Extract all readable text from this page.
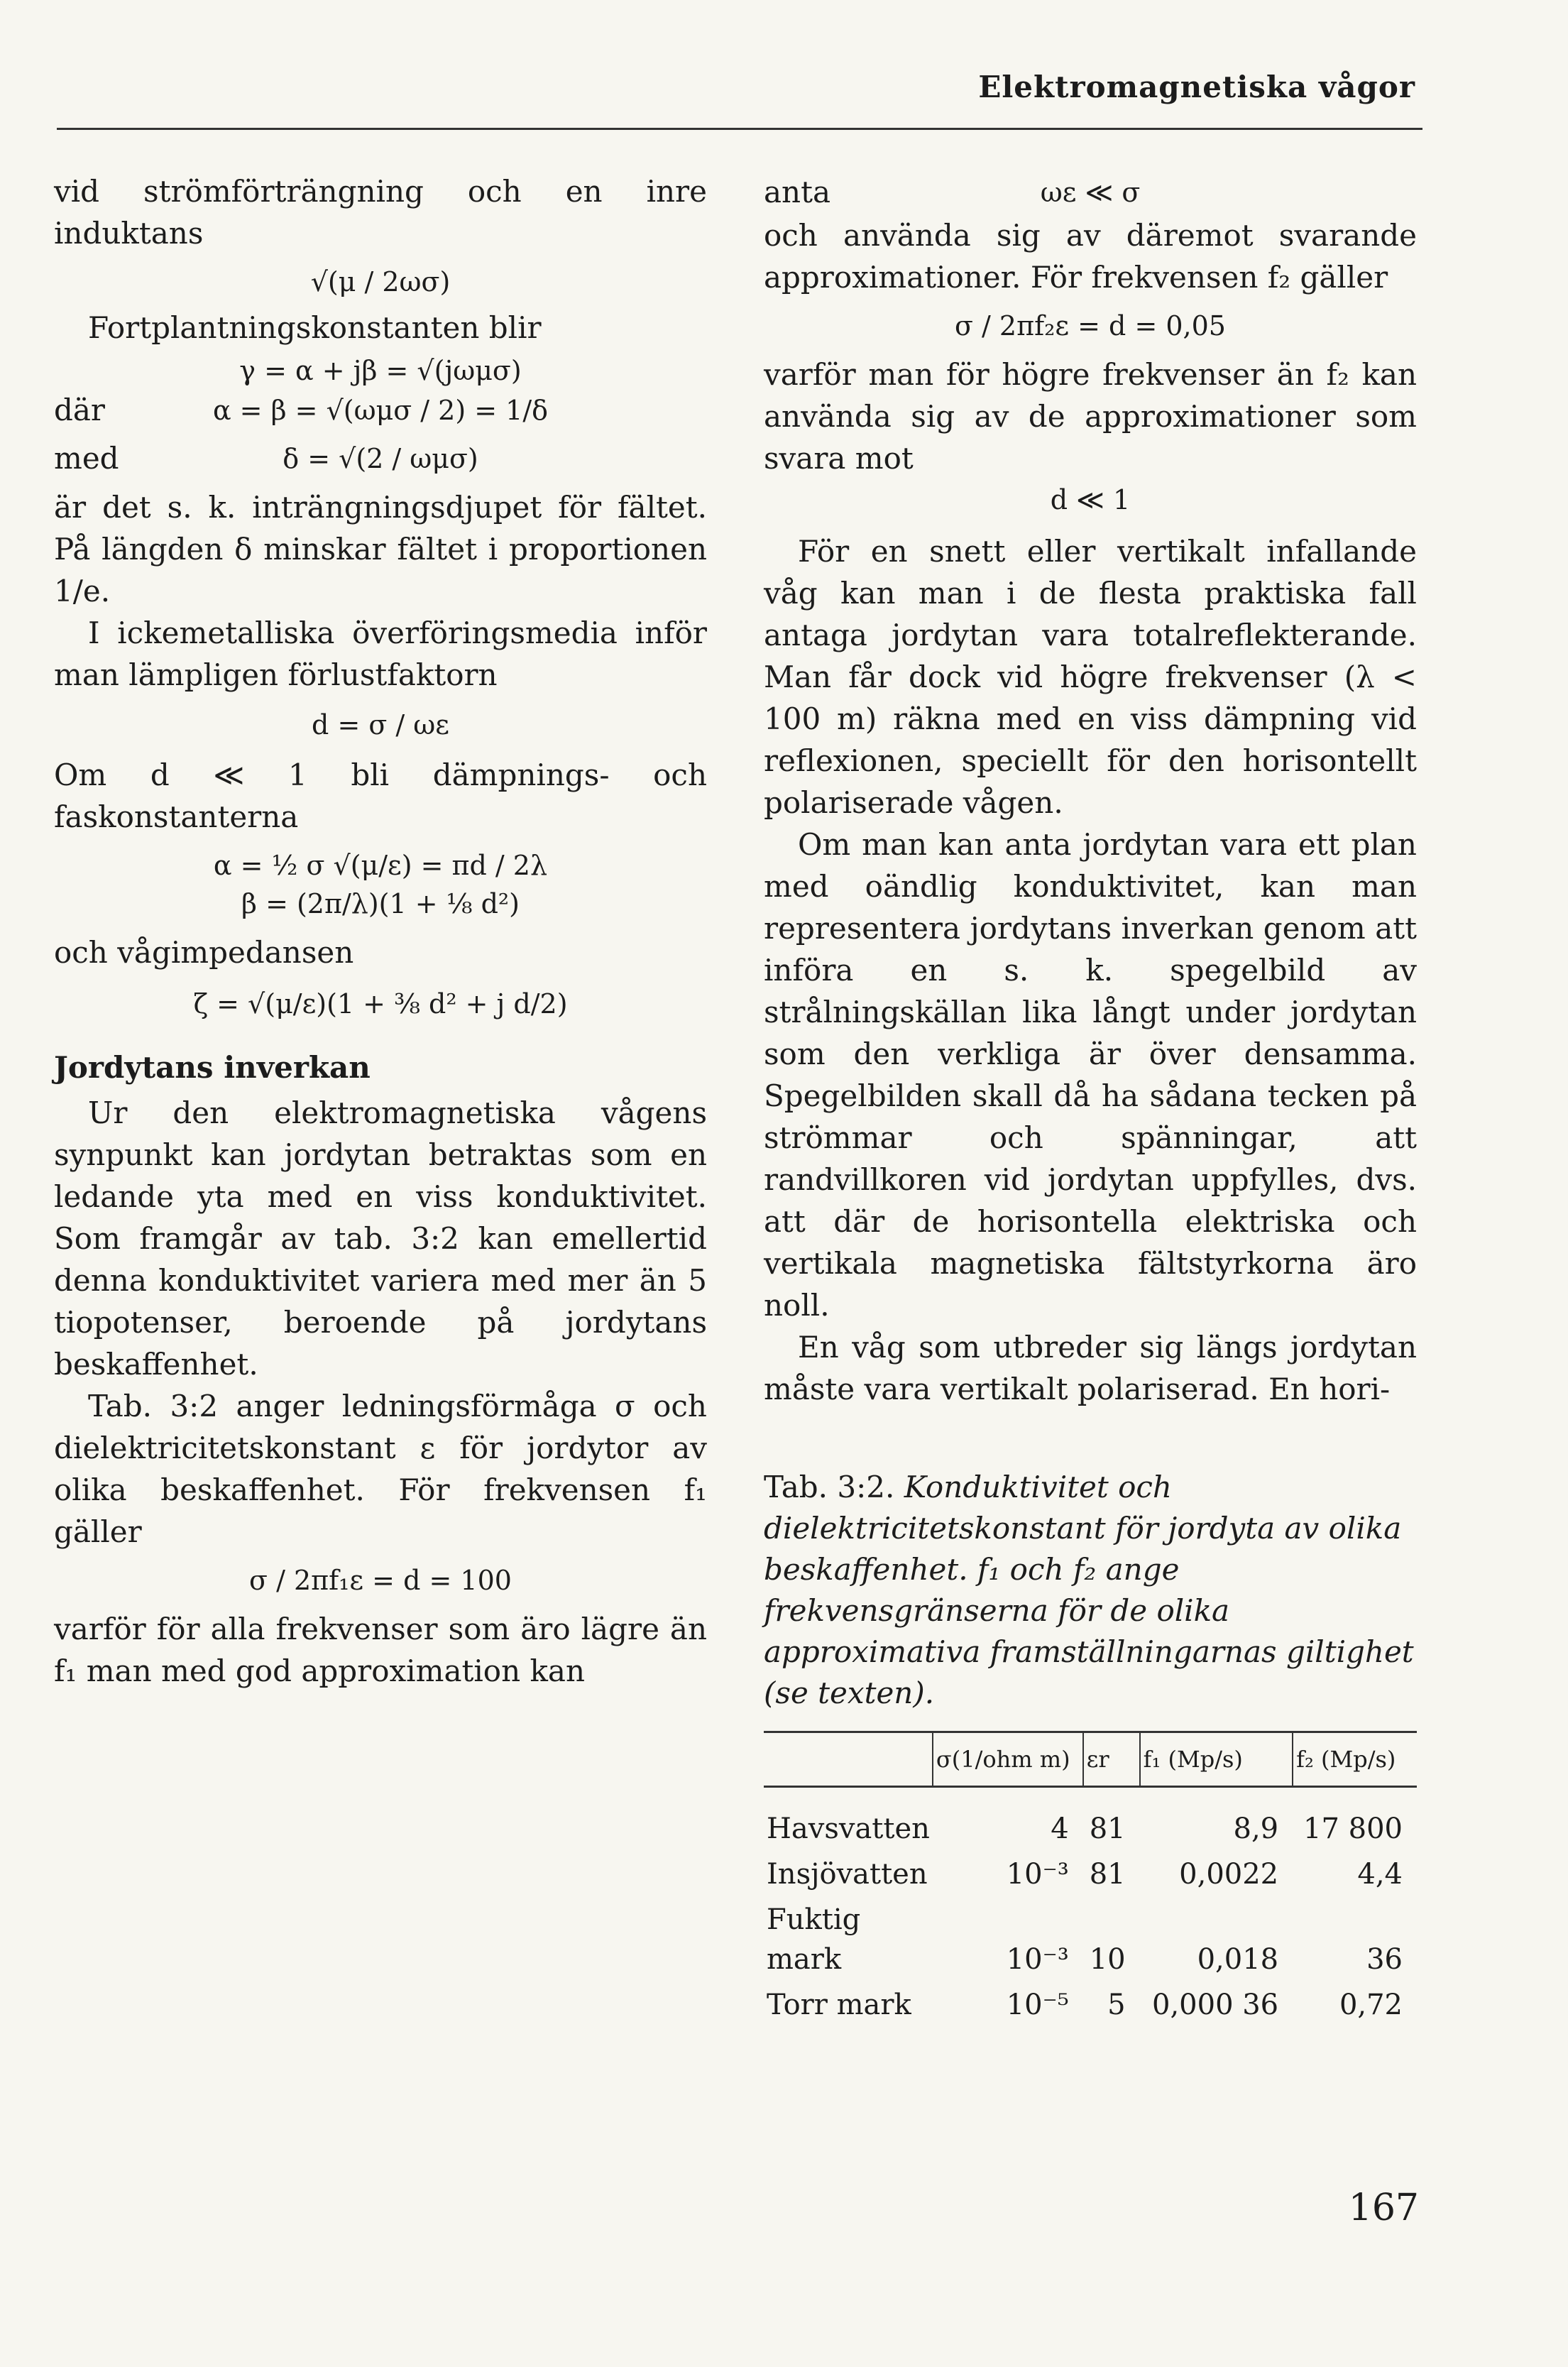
Elektromagnetiska vågor

vid strömförträngning och en inre induktans

√(μ / 2ωσ)

Fortplantningskonstanten blir

γ = α + jβ = √(jωμσ)
där	α = β = √(ωμσ / 2) = 1/δ
med	δ = √(2 / ωμσ)

är det s. k. inträngningsdjupet för fältet. På längden δ minskar fältet i proportionen 1/e.

I ickemetalliska överföringsmedia inför man lämpligen förlustfaktorn

d = σ / ωε

Om d ≪ 1 bli dämpnings- och faskonstanterna

α = ½ σ √(μ/ε) = πd / 2λ
β = (2π/λ)(1 + ⅛ d²)

och vågimpedansen

ζ = √(μ/ε)(1 + ⅜ d² + j d/2)
Jordytans inverkan

Ur den elektromagnetiska vågens synpunkt kan jordytan betraktas som en ledande yta med en viss konduktivitet. Som framgår av tab. 3:2 kan emellertid denna konduktivitet variera med mer än 5 tiopotenser, beroende på jordytans beskaffenhet.

Tab. 3:2 anger ledningsförmåga σ och dielektricitetskonstant ε för jordytor av olika beskaffenhet. För frekvensen f₁ gäller

σ / 2πf₁ε = d = 100

varför för alla frekvenser som äro lägre än f₁ man med god approximation kan

anta	ωε ≪ σ

och använda sig av däremot svarande approximationer. För frekvensen f₂ gäller

σ / 2πf₂ε = d = 0,05

varför man för högre frekvenser än f₂ kan använda sig av de approximationer som svara mot

d ≪ 1

För en snett eller vertikalt infallande våg kan man i de flesta praktiska fall antaga jordytan vara totalreflekterande. Man får dock vid högre frekvenser (λ < 100 m) räkna med en viss dämpning vid reflexionen, speciellt för den horisontellt polariserade vågen.

Om man kan anta jordytan vara ett plan med oändlig konduktivitet, kan man representera jordytans inverkan genom att införa en s. k. spegelbild av strålningskällan lika långt under jordytan som den verkliga är över densamma. Spegelbilden skall då ha sådana tecken på strömmar och spänningar, att randvillkoren vid jordytan uppfylles, dvs. att där de horisontella elektriska och vertikala magnetiska fältstyrkorna äro noll.

En våg som utbreder sig längs jordytan måste vara vertikalt polariserad. En hori-

Tab. 3:2. Konduktivitet och dielektricitetskonstant för jordyta av olika beskaffenhet. f₁ och f₂ ange frekvensgränserna för de olika approximativa framställningarnas giltighet (se texten).
	σ(1/ohm m)	εr	f₁ (Mp/s)	f₂ (Mp/s)
Havsvatten	4	81	8,9	17 800
Insjövatten	10⁻³	81	0,0022	4,4
Fuktig mark	10⁻³	10	0,018	36
Torr mark	10⁻⁵	5	0,000 36	0,72
167
